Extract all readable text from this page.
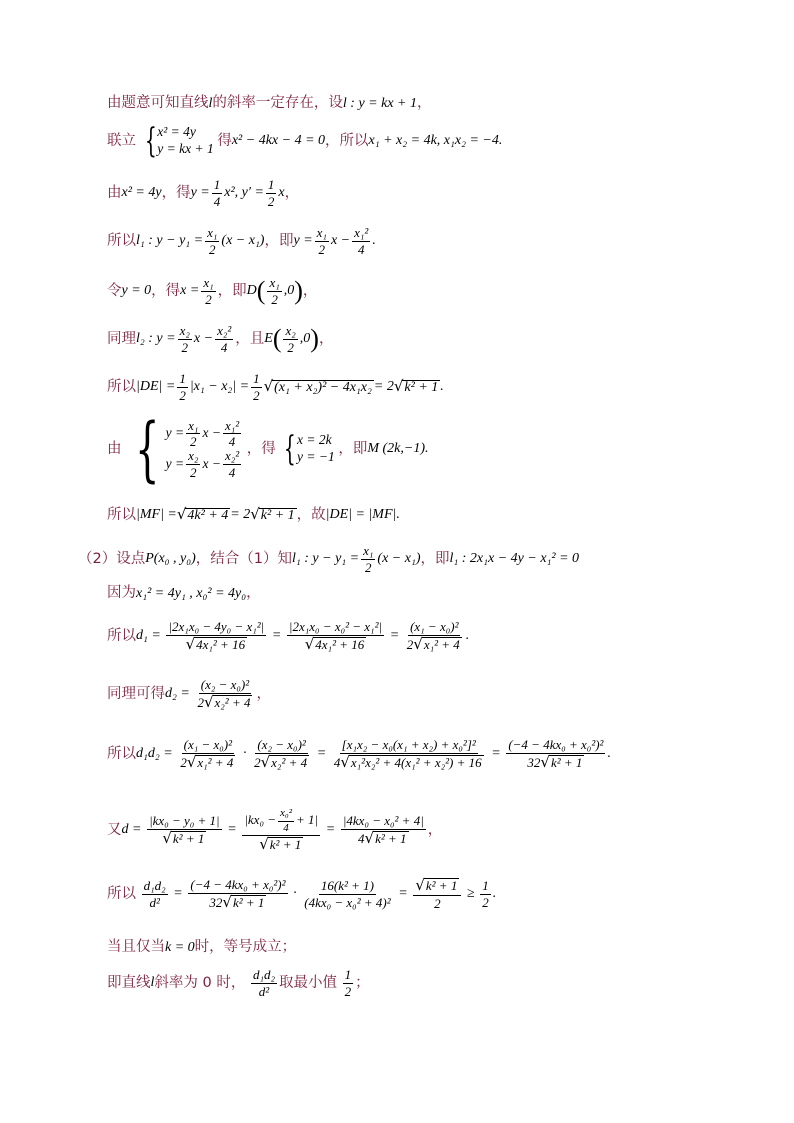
由题意可知直线l的斜率一定存在，设l : y = kx + 1，
联立 { x² = 4y
y = kx + 1 得x² − 4kx − 4 = 0，所以x₁ + x₂ = 4k, x₁x₂ = −4.
由x² = 4y，得$y = \frac{1}{4} x^2$, $y' = \frac{1}{2}$ x，
所以l₁ : $y - y_1 = \frac{\text{x₁}}{2} (x - x_1)$，即$y = \frac{\text{x₁}}{2}$ $x - \frac{\text{x₁²}}{4}$ .
令y = 0，得$x = \frac{\text{x₁}}{2}$ ，即$D( \frac{\text{x₁}}{2} ,0)$，
同理l₂ : $y = \frac{\text{x₂}}{2}$ $x - \frac{\text{x₂²}}{4}$ ，且$E( \frac{\text{x₂}}{2} ,0)$，
所以$|DE| = \frac{1}{2} |x_1 - x_2| = \frac{1}{2} √(x_1 + x_2)^2 - 4x_1x_2 = 2√k^2 + 1$ .
由 { $y = \frac{\text{x₁}}{2}$ $x - \frac{\text{x₁²}}{4}$
$y = \frac{\text{x₂}}{2}$ $x - \frac{\text{x₂²}}{4}$
，得 { x = 2k
y = −1 ，即M (2k,−1).
所以|MF| =√4k² + 4 = 2√k² + 1 ，故|DE| = |MF|.
（2）设点P(x₀ , y₀)，结合（1）知l₁ : $y - y_1 = \frac{\text{x₁}}{2} (x - x_1)$，即l₁ : 2x₁x − 4y − x₁² = 0
因为x₁² = 4y₁ , x₀² = 4y₀，
所以$d_1 = \frac{\text{|2x₁x₀ − 4y₀ − x₁²|}}{\text{√4x₁² + 16}} = \frac{\text{|2x₁x₀ − x₀² − x₁²|}}{\text{√4x₁² + 16}} = \frac{\text{(x₁ − x₀)²}}{\text{2√x₁² + 4}}$ .
同理可得$d_2 = \frac{\text{(x₂ − x₀)²}}{\text{2√x₂² + 4}}$ ，
所以$d_1d_2 = \frac{\text{(x₁ − x₀)²}}{\text{2√x₁² + 4}} \cdot \frac{\text{(x₂ − x₀)²}}{\text{2√x₂² + 4}} = \frac{\text{[x₁x₂ − x₀(x₁ + x₂) + x₀²]²}}{\text{4√x₁²x₂² + 4(x₁² + x₂²) + 16}} = \frac{\text{(−4 − 4kx₀ + x₀²)²}}{\text{32√k² + 1}}$ .
又$d = \frac{\text{|kx₀ − y₀ + 1|}}{\text{√k² + 1}} = \frac{|kx_0 - \frac{\text{x₀²}}{4} + 1|}{\text{√k² + 1}} = \frac{\text{|4kx₀ − x₀² + 4|}}{\text{4√k² + 1}}$ ，
所以 $\frac{\text{d₁d₂}}{\text{d²}} = \frac{\text{(−4 − 4kx₀ + x₀²)²}}{\text{32√k² + 1}} \cdot \frac{\text{16(k² + 1)}}{\text{(4kx₀ − x₀² + 4)²}} = \frac{\text{√k² + 1}}{2} \ge \frac{1}{2}$ .
当且仅当k = 0时，等号成立；
即直线l斜率为 0 时， $\frac{\text{d₁d₂}}{\text{d²}}$ 取最小值 $\frac{1}{2}$ ；
